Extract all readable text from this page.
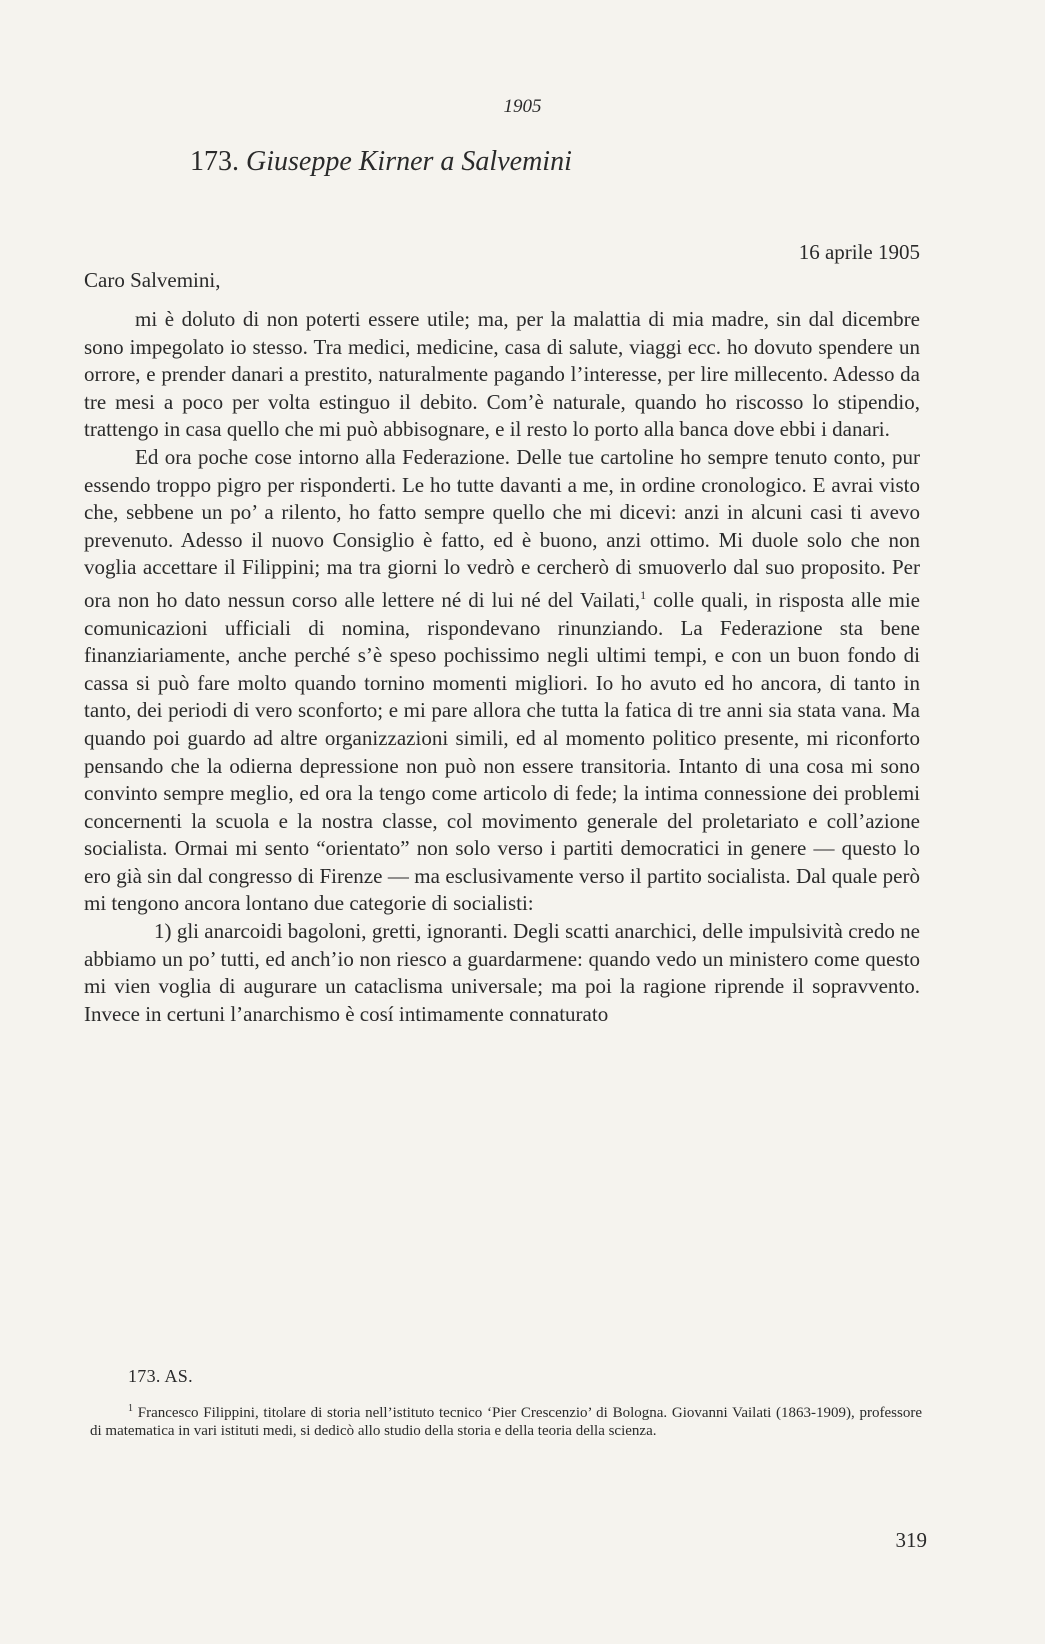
1905
173. Giuseppe Kirner a Salvemini
16 aprile 1905
Caro Salvemini,

mi è doluto di non poterti essere utile; ma, per la malattia di mia madre, sin dal dicembre sono impegolato io stesso. Tra medici, medicine, casa di salute, viaggi ecc. ho dovuto spendere un orrore, e prender danari a prestito, naturalmente pagando l’interesse, per lire millecento. Adesso da tre mesi a poco per volta estinguo il debito. Com’è naturale, quando ho riscosso lo stipendio, trattengo in casa quello che mi può abbisognare, e il resto lo porto alla banca dove ebbi i danari.

Ed ora poche cose intorno alla Federazione. Delle tue cartoline ho sempre tenuto conto, pur essendo troppo pigro per risponderti. Le ho tutte davanti a me, in ordine cronologico. E avrai visto che, sebbene un po’ a rilento, ho fatto sempre quello che mi dicevi: anzi in alcuni casi ti avevo prevenuto. Adesso il nuovo Consiglio è fatto, ed è buono, anzi ottimo. Mi duole solo che non voglia accettare il Filippini; ma tra giorni lo vedrò e cercherò di smuoverlo dal suo proposito. Per ora non ho dato nessun corso alle lettere né di lui né del Vailati,$^1$ colle quali, in risposta alle mie comunicazioni ufficiali di nomina, rispondevano rinunziando. La Federazione sta bene finanziariamente, anche perché s’è speso pochissimo negli ultimi tempi, e con un buon fondo di cassa si può fare molto quando tornino momenti migliori. Io ho avuto ed ho ancora, di tanto in tanto, dei periodi di vero sconforto; e mi pare allora che tutta la fatica di tre anni sia stata vana. Ma quando poi guardo ad altre organizzazioni simili, ed al momento politico presente, mi riconforto pensando che la odierna depressione non può non essere transitoria. Intanto di una cosa mi sono convinto sempre meglio, ed ora la tengo come articolo di fede; la intima connessione dei problemi concernenti la scuola e la nostra classe, col movimento generale del proletariato e coll’azione socialista. Ormai mi sento “orientato” non solo verso i partiti democratici in genere — questo lo ero già sin dal congresso di Firenze — ma esclusivamente verso il partito socialista. Dal quale però mi tengono ancora lontano due categorie di socialisti:

1) gli anarcoidi bagoloni, gretti, ignoranti. Degli scatti anarchici, delle impulsività credo ne abbiamo un po’ tutti, ed anch’io non riesco a guardarmene: quando vedo un ministero come questo mi vien voglia di augurare un cataclisma universale; ma poi la ragione riprende il sopravvento. Invece in certuni l’anarchismo è cosí intimamente connaturato

173. AS.
$^1$ Francesco Filippini, titolare di storia nell’istituto tecnico ‘Pier Crescenzio’ di Bologna. Giovanni Vailati (1863-1909), professore di matematica in vari istituti medi, si dedicò allo studio della storia e della teoria della scienza.
319
